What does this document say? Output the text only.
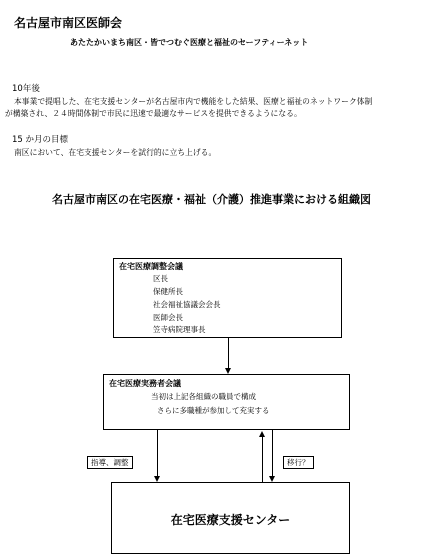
名古屋市南区医師会
あたたかいまち南区・皆でつむぐ医療と福祉のセーフティーネット
10年後
本事業で提唱した、在宅支援センターが名古屋市内で機能をした結果、医療と福祉のネットワーク体制
が構築され、２４時間体制で市民に迅速で最適なサービスを提供できるようになる。
15 か月の目標
南区において、在宅支援センターを試行的に立ち上げる。
名古屋市南区の在宅医療・福祉（介護）推進事業における組織図
在宅医療調整会議
区長
保健所長
社会福祉協議会会長
医師会長
笠寺病院理事長
在宅医療実務者会議
当初は上記各組織の職員で構成
さらに多職種が参加して充実する
指導、調整	移行？
在宅医療支援センター
